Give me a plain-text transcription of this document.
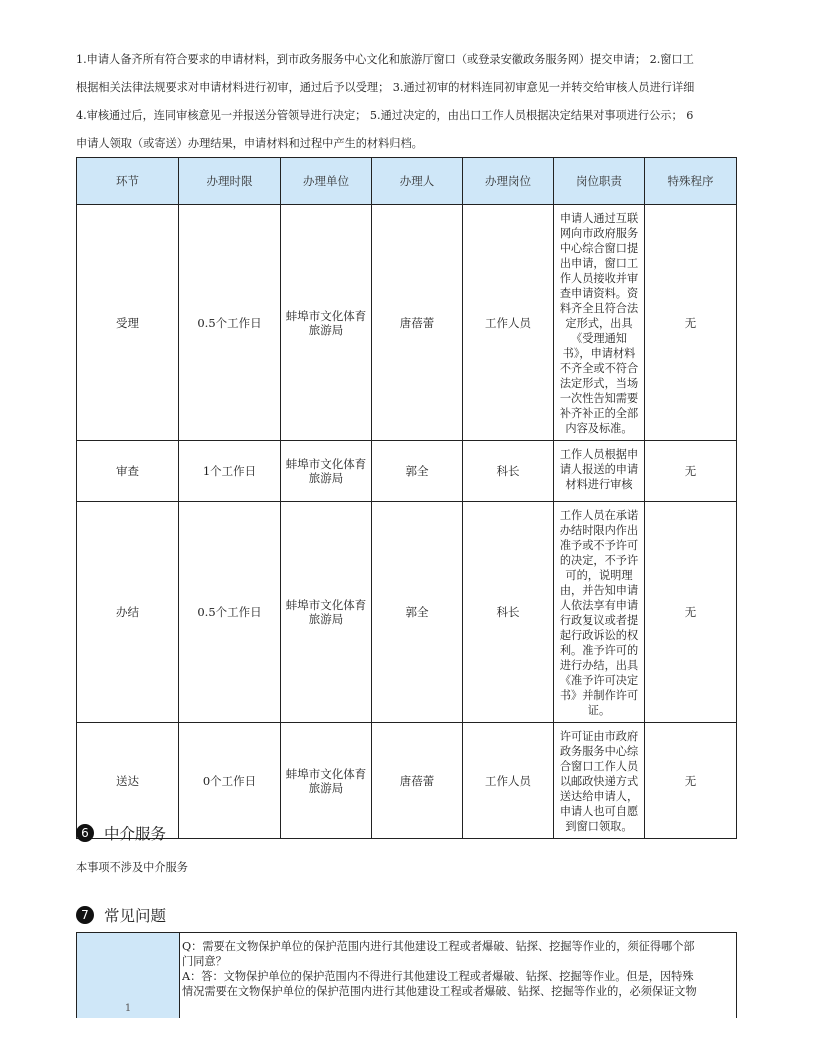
1.申请人备齐所有符合要求的申请材料，到市政务服务中心文化和旅游厅窗口（或登录安徽政务服务网）提交申请； 2.窗口工
根据相关法律法规要求对申请材料进行初审，通过后予以受理； 3.通过初审的材料连同初审意见一并转交给审核人员进行详细
4.审核通过后，连同审核意见一并报送分管领导进行决定； 5.通过决定的，由出口工作人员根据决定结果对事项进行公示； 6
申请人领取（或寄送）办理结果，申请材料和过程中产生的材料归档。
环节	办理时限	办理单位	办理人	办理岗位	岗位职责	特殊程序
受理	0.5个工作日	蚌埠市文化体育旅游局	唐蓓蕾	工作人员	申请人通过互联网向市政府服务中心综合窗口提出申请，窗口工作人员接收并审查申请资料。资料齐全且符合法定形式，出具《受理通知书》，申请材料不齐全或不符合法定形式，当场一次性告知需要补齐补正的全部内容及标准。	无
审查	1个工作日	蚌埠市文化体育旅游局	郭全	科长	工作人员根据申请人报送的申请材料进行审核	无
办结	0.5个工作日	蚌埠市文化体育旅游局	郭全	科长	工作人员在承诺办结时限内作出准予或不予许可的决定，不予许可的，说明理由，并告知申请人依法享有申请行政复议或者提起行政诉讼的权利。准予许可的进行办结，出具《准予许可决定书》并制作许可证。	无
送达	0个工作日	蚌埠市文化体育旅游局	唐蓓蕾	工作人员	许可证由市政府政务服务中心综合窗口工作人员以邮政快递方式送达给申请人，申请人也可自愿到窗口领取。	无
6 中介服务
本事项不涉及中介服务
7 常见问题
1	
Q：需要在文物保护单位的保护范围内进行其他建设工程或者爆破、钻探、挖掘等作业的，须征得哪个部
门同意？
A：答：文物保护单位的保护范围内不得进行其他建设工程或者爆破、钻探、挖掘等作业。但是，因特殊
情况需要在文物保护单位的保护范围内进行其他建设工程或者爆破、钻探、挖掘等作业的，必须保证文物
